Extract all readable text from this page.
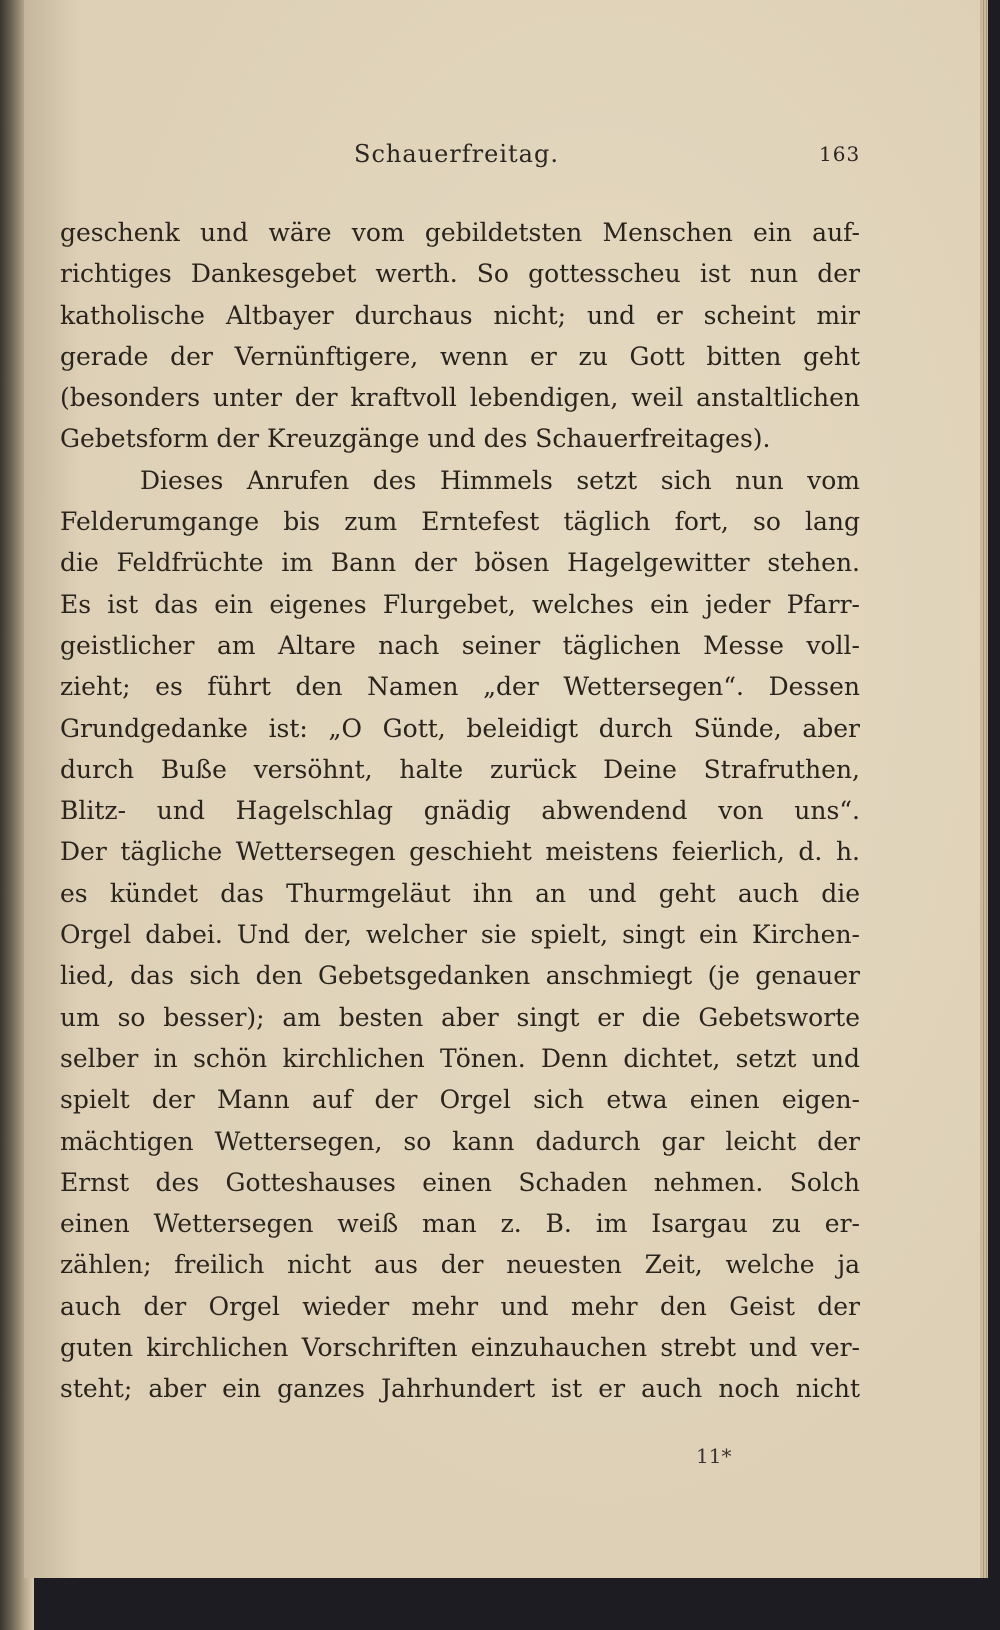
Schauerfreitag.	163
geschenk und wäre vom gebildetsten Menschen ein auf-
richtiges Dankesgebet werth. So gottesscheu ist nun der
katholische Altbayer durchaus nicht; und er scheint mir
gerade der Vernünftigere, wenn er zu Gott bitten geht
(besonders unter der kraftvoll lebendigen, weil anstaltlichen
Gebetsform der Kreuzgänge und des Schauerfreitages).
Dieses Anrufen des Himmels setzt sich nun vom
Felderumgange bis zum Erntefest täglich fort, so lang
die Feldfrüchte im Bann der bösen Hagelgewitter stehen.
Es ist das ein eigenes Flurgebet, welches ein jeder Pfarr-
geistlicher am Altare nach seiner täglichen Messe voll-
zieht; es führt den Namen „der Wettersegen“. Dessen
Grundgedanke ist: „O Gott, beleidigt durch Sünde, aber
durch Buße versöhnt, halte zurück Deine Strafruthen,
Blitz- und Hagelschlag gnädig abwendend von uns“.
Der tägliche Wettersegen geschieht meistens feierlich, d. h.
es kündet das Thurmgeläut ihn an und geht auch die
Orgel dabei. Und der, welcher sie spielt, singt ein Kirchen-
lied, das sich den Gebetsgedanken anschmiegt (je genauer
um so besser); am besten aber singt er die Gebetsworte
selber in schön kirchlichen Tönen. Denn dichtet, setzt und
spielt der Mann auf der Orgel sich etwa einen eigen-
mächtigen Wettersegen, so kann dadurch gar leicht der
Ernst des Gotteshauses einen Schaden nehmen. Solch
einen Wettersegen weiß man z. B. im Isargau zu er-
zählen; freilich nicht aus der neuesten Zeit, welche ja
auch der Orgel wieder mehr und mehr den Geist der
guten kirchlichen Vorschriften einzuhauchen strebt und ver-
steht; aber ein ganzes Jahrhundert ist er auch noch nicht
11*
